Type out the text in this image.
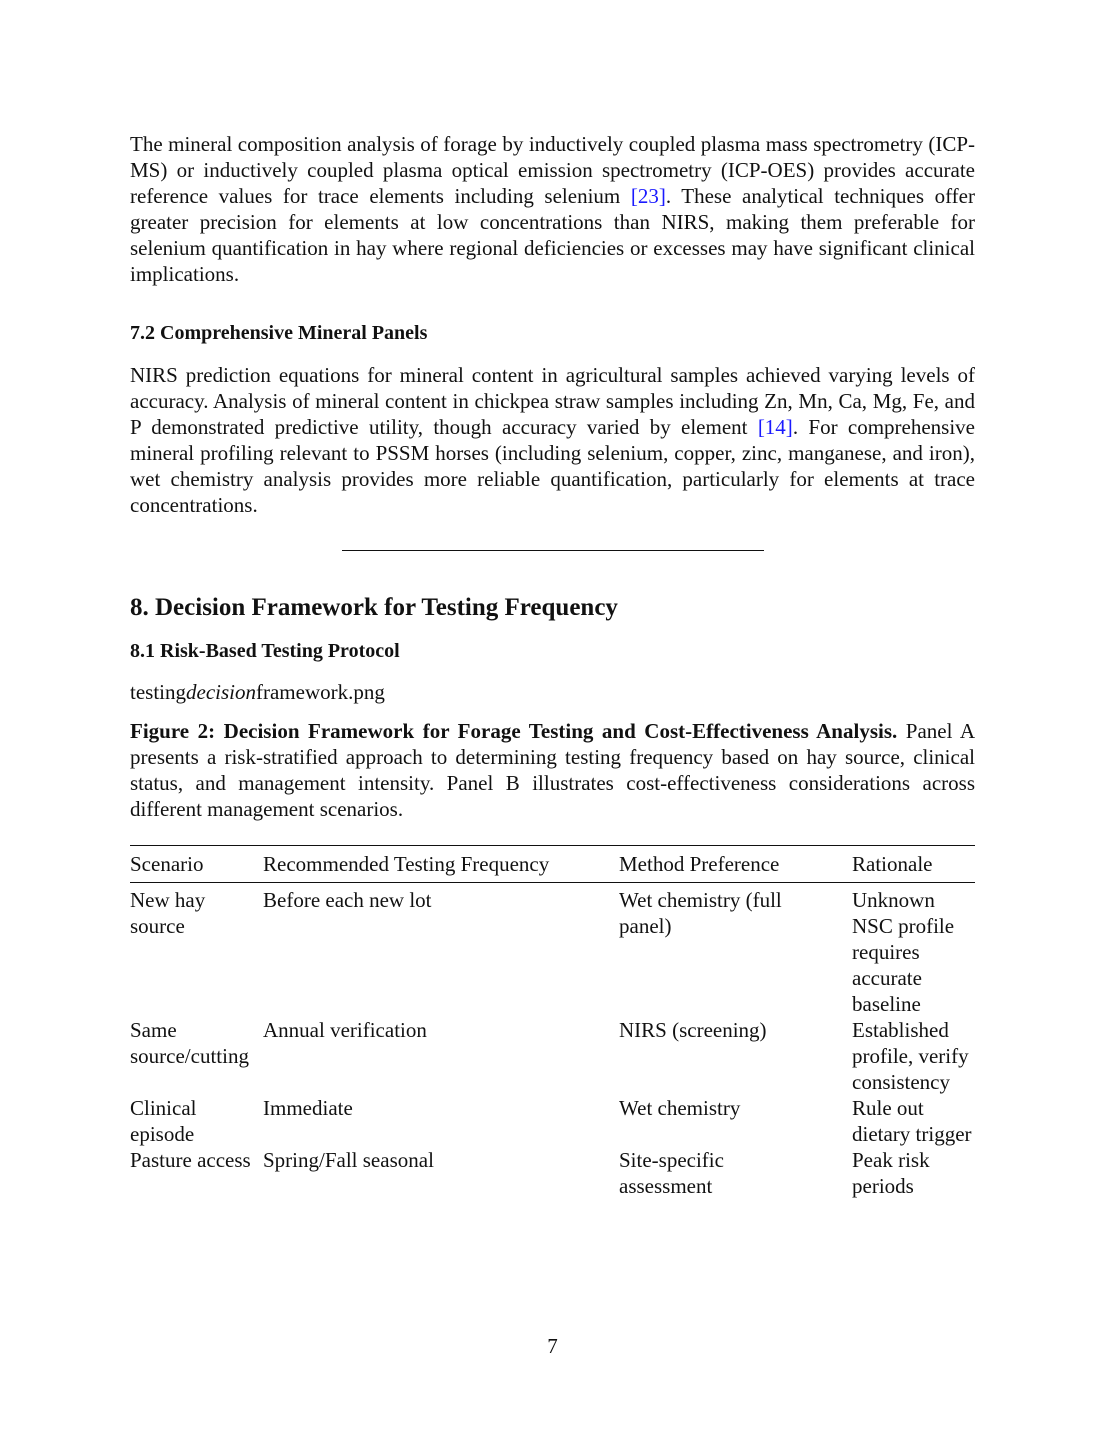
The mineral composition analysis of forage by inductively coupled plasma mass spectrometry (ICP-MS) or inductively coupled plasma optical emission spectrometry (ICP-OES) provides accurate reference values for trace elements including selenium [23]. These analytical techniques offer greater precision for elements at low concentrations than NIRS, making them preferable for selenium quantification in hay where regional deficiencies or excesses may have significant clinical implications.

7.2 Comprehensive Mineral Panels

NIRS prediction equations for mineral content in agricultural samples achieved varying levels of accuracy. Analysis of mineral content in chickpea straw samples including Zn, Mn, Ca, Mg, Fe, and P demonstrated predictive utility, though accuracy varied by element [14]. For comprehensive mineral profiling relevant to PSSM horses (including selenium, copper, zinc, manganese, and iron), wet chemistry analysis provides more reliable quantification, particularly for elements at trace concentrations.

8. Decision Framework for Testing Frequency
8.1 Risk-Based Testing Protocol
testingdecisionframework.png

Figure 2: Decision Framework for Forage Testing and Cost-Effectiveness Analysis. Panel A presents a risk-stratified approach to determining testing frequency based on hay source, clinical status, and management intensity. Panel B illustrates cost-effectiveness considerations across different management scenarios.

Scenario	Recommended Testing Frequency	Method Preference	Rationale
New hay source	Before each new lot	Wet chemistry (full panel)	Unknown NSC profile requires accurate baseline

Same source/cutting	Annual verification	NIRS (screening)	Established profile, verify consistency
Clinical episode	Immediate	Wet chemistry	Rule out dietary trigger
Pasture access	Spring/Fall seasonal	Site-specific assessment	Peak risk periods
7
